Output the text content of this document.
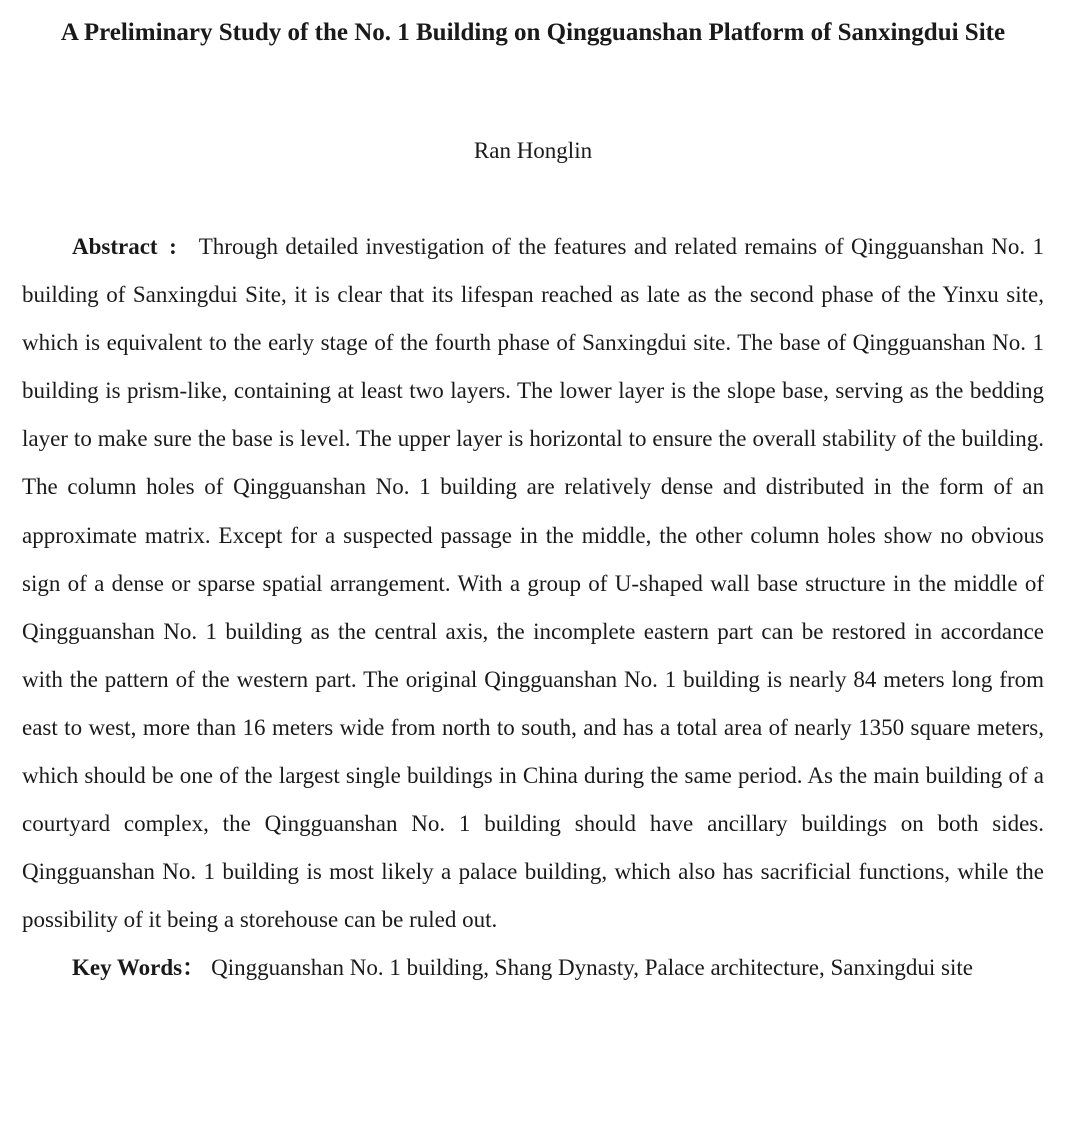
A Preliminary Study of the No. 1 Building on Qingguanshan Platform of Sanxingdui Site

Ran Honglin

Abstract : Through detailed investigation of the features and related remains of Qingguanshan No. 1 building of Sanxingdui Site, it is clear that its lifespan reached as late as the second phase of the Yinxu site, which is equivalent to the early stage of the fourth phase of Sanxingdui site. The base of Qingguanshan No. 1 building is prism-like, containing at least two layers. The lower layer is the slope base, serving as the bedding layer to make sure the base is level. The upper layer is horizontal to ensure the overall stability of the building. The column holes of Qingguanshan No. 1 building are relatively dense and distributed in the form of an approximate matrix. Except for a suspected passage in the middle, the other column holes show no obvious sign of a dense or sparse spatial arrangement. With a group of U-shaped wall base structure in the middle of Qingguanshan No. 1 building as the central axis, the incomplete eastern part can be restored in accordance with the pattern of the western part. The original Qingguanshan No. 1 building is nearly 84 meters long from east to west, more than 16 meters wide from north to south, and has a total area of nearly 1350 square meters, which should be one of the largest single buildings in China during the same period. As the main building of a courtyard complex, the Qingguanshan No. 1 building should have ancillary buildings on both sides. Qingguanshan No. 1 building is most likely a palace building, which also has sacrificial functions, while the possibility of it being a storehouse can be ruled out.

Key Words： Qingguanshan No. 1 building, Shang Dynasty, Palace architecture, Sanxingdui site
